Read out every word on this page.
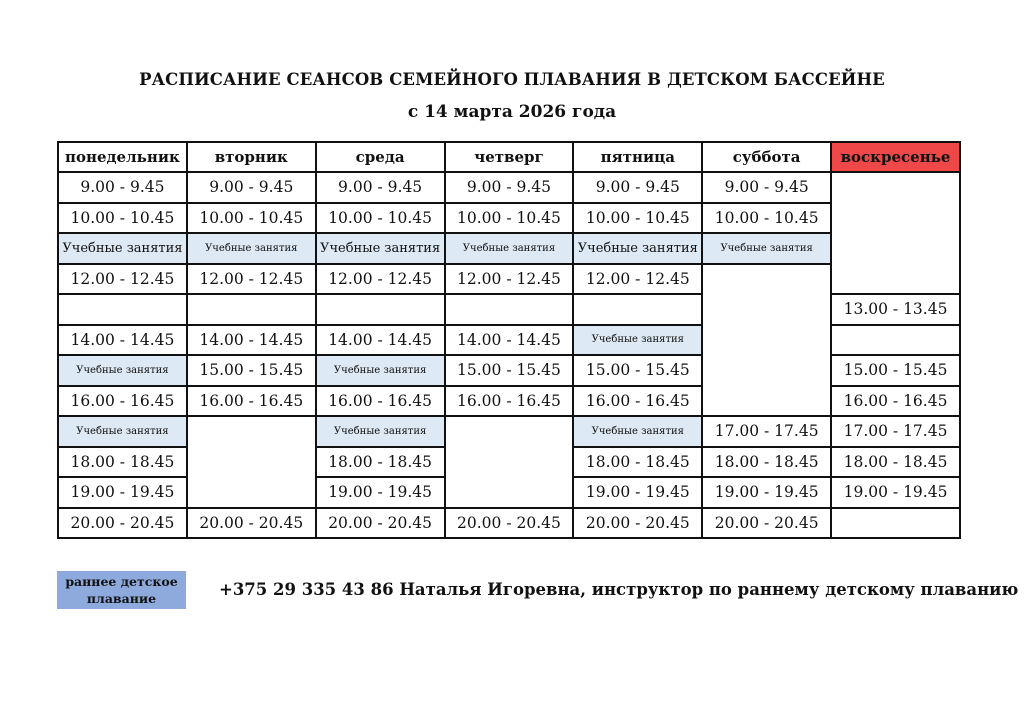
РАСПИСАНИЕ СЕАНСОВ СЕМЕЙНОГО ПЛАВАНИЯ В ДЕТСКОМ БАССЕЙНЕ
с 14 марта 2026 года
понедельник	вторник	среда	четверг	пятница	суббота	воскресенье
9.00 - 9.45	9.00 - 9.45	9.00 - 9.45	9.00 - 9.45	9.00 - 9.45	9.00 - 9.45	
10.00 - 10.45	10.00 - 10.45	10.00 - 10.45	10.00 - 10.45	10.00 - 10.45	10.00 - 10.45	
Учебные занятия	Учебные занятия	Учебные занятия	Учебные занятия	Учебные занятия	Учебные занятия	
12.00 - 12.45	12.00 - 12.45	12.00 - 12.45	12.00 - 12.45	12.00 - 12.45		
						13.00 - 13.45
14.00 - 14.45	14.00 - 14.45	14.00 - 14.45	14.00 - 14.45	Учебные занятия		
Учебные занятия	15.00 - 15.45	Учебные занятия	15.00 - 15.45	15.00 - 15.45		15.00 - 15.45
16.00 - 16.45	16.00 - 16.45	16.00 - 16.45	16.00 - 16.45	16.00 - 16.45		16.00 - 16.45
Учебные занятия		Учебные занятия		Учебные занятия	17.00 - 17.45	17.00 - 17.45
18.00 - 18.45		18.00 - 18.45		18.00 - 18.45	18.00 - 18.45	18.00 - 18.45
19.00 - 19.45		19.00 - 19.45		19.00 - 19.45	19.00 - 19.45	19.00 - 19.45
20.00 - 20.45	20.00 - 20.45	20.00 - 20.45	20.00 - 20.45	20.00 - 20.45	20.00 - 20.45	
раннее детское
плавание	+375 29 335 43 86 Наталья Игоревна, инструктор по раннему детскому плаванию
